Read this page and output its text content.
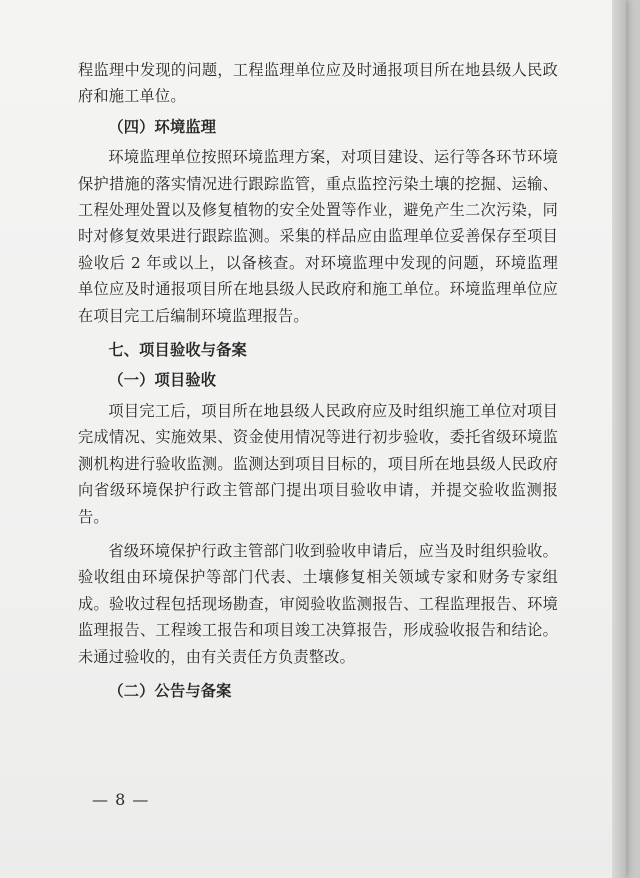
程监理中发现的问题，工程监理单位应及时通报项目所在地县级人民政府和施工单位。

（四）环境监理

环境监理单位按照环境监理方案，对项目建设、运行等各环节环境保护措施的落实情况进行跟踪监管，重点监控污染土壤的挖掘、运输、工程处理处置以及修复植物的安全处置等作业，避免产生二次污染，同时对修复效果进行跟踪监测。采集的样品应由监理单位妥善保存至项目验收后 2 年或以上，以备核查。对环境监理中发现的问题，环境监理单位应及时通报项目所在地县级人民政府和施工单位。环境监理单位应在项目完工后编制环境监理报告。

七、项目验收与备案

（一）项目验收

项目完工后，项目所在地县级人民政府应及时组织施工单位对项目完成情况、实施效果、资金使用情况等进行初步验收，委托省级环境监测机构进行验收监测。监测达到项目目标的，项目所在地县级人民政府向省级环境保护行政主管部门提出项目验收申请，并提交验收监测报告。

省级环境保护行政主管部门收到验收申请后，应当及时组织验收。验收组由环境保护等部门代表、土壤修复相关领域专家和财务专家组成。验收过程包括现场勘查，审阅验收监测报告、工程监理报告、环境监理报告、工程竣工报告和项目竣工决算报告，形成验收报告和结论。未通过验收的，由有关责任方负责整改。

（二）公告与备案

— 8 —
